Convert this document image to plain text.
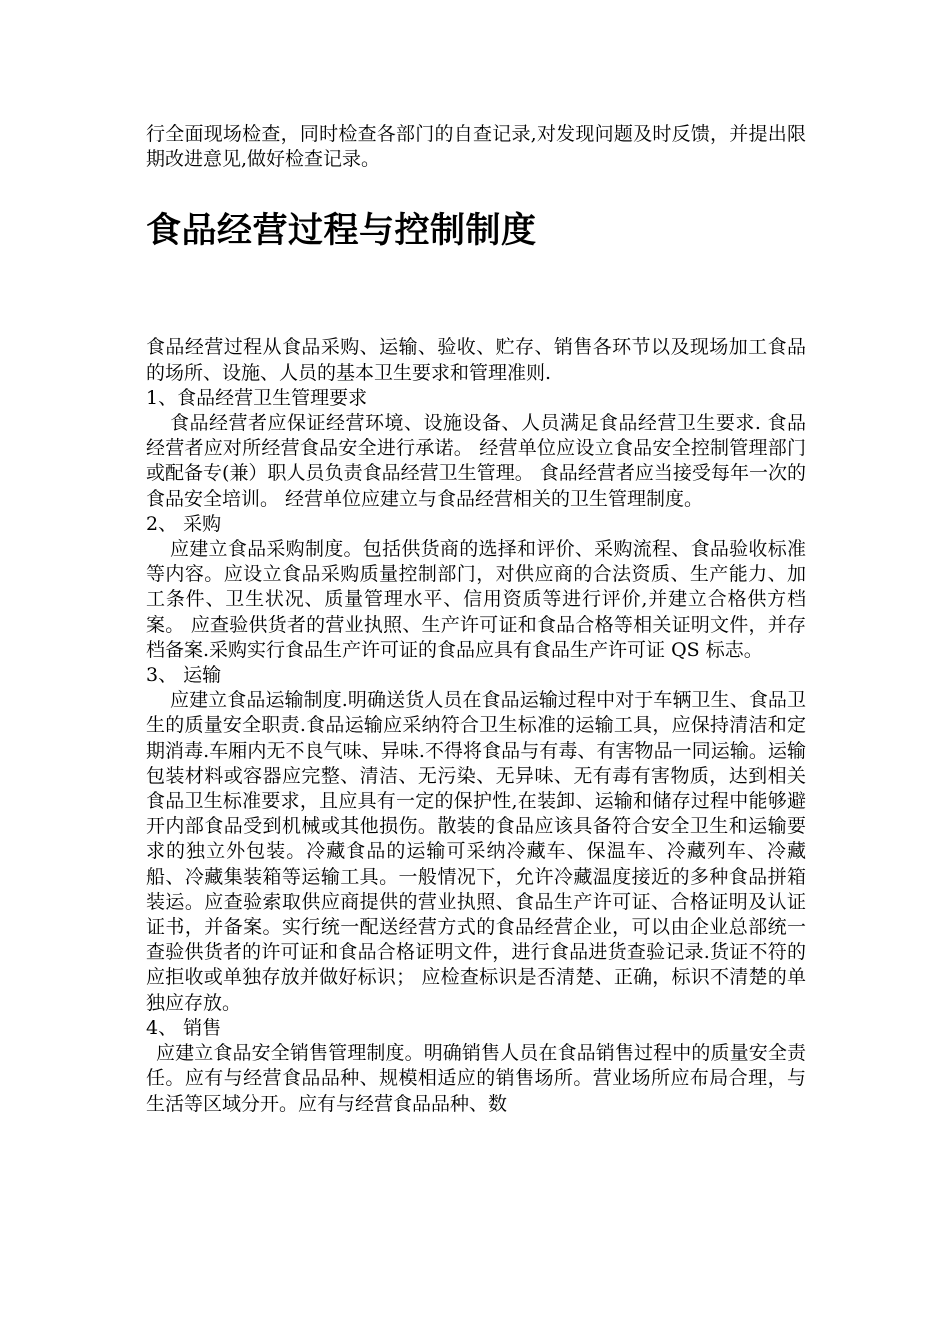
行全面现场检查，同时检查各部门的自查记录,对发现问题及时反馈，并提出限期改进意见,做好检查记录。

食品经营过程与控制制度

食品经营过程从食品采购、运输、验收、贮存、销售各环节以及现场加工食品的场所、设施、人员的基本卫生要求和管理准则.

1、食品经营卫生管理要求

食品经营者应保证经营环境、设施设备、人员满足食品经营卫生要求. 食品经营者应对所经营食品安全进行承诺。 经营单位应设立食品安全控制管理部门或配备专(兼）职人员负责食品经营卫生管理。 食品经营者应当接受每年一次的食品安全培训。 经营单位应建立与食品经营相关的卫生管理制度。

2、 采购

应建立食品采购制度。包括供货商的选择和评价、采购流程、食品验收标准等内容。应设立食品采购质量控制部门，对供应商的合法资质、生产能力、加工条件、卫生状况、质量管理水平、信用资质等进行评价,并建立合格供方档案。 应查验供货者的营业执照、生产许可证和食品合格等相关证明文件，并存档备案.采购实行食品生产许可证的食品应具有食品生产许可证 QS 标志。

3、 运输

应建立食品运输制度.明确送货人员在食品运输过程中对于车辆卫生、食品卫生的质量安全职责.食品运输应采纳符合卫生标准的运输工具，应保持清洁和定期消毒.车厢内无不良气味、异味.不得将食品与有毒、有害物品一同运输。运输包装材料或容器应完整、清洁、无污染、无异味、无有毒有害物质，达到相关食品卫生标准要求，且应具有一定的保护性,在装卸、运输和储存过程中能够避开内部食品受到机械或其他损伤。散装的食品应该具备符合安全卫生和运输要求的独立外包装。冷藏食品的运输可采纳冷藏车、保温车、冷藏列车、冷藏船、冷藏集装箱等运输工具。一般情况下，允许冷藏温度接近的多种食品拼箱装运。应查验索取供应商提供的营业执照、食品生产许可证、合格证明及认证证书，并备案。实行统一配送经营方式的食品经营企业，可以由企业总部统一查验供货者的许可证和食品合格证明文件，进行食品进货查验记录.货证不符的应拒收或单独存放并做好标识； 应检查标识是否清楚、正确，标识不清楚的单独应存放。

4、 销售

应建立食品安全销售管理制度。明确销售人员在食品销售过程中的质量安全责任。应有与经营食品品种、规模相适应的销售场所。营业场所应布局合理，与生活等区域分开。应有与经营食品品种、数
